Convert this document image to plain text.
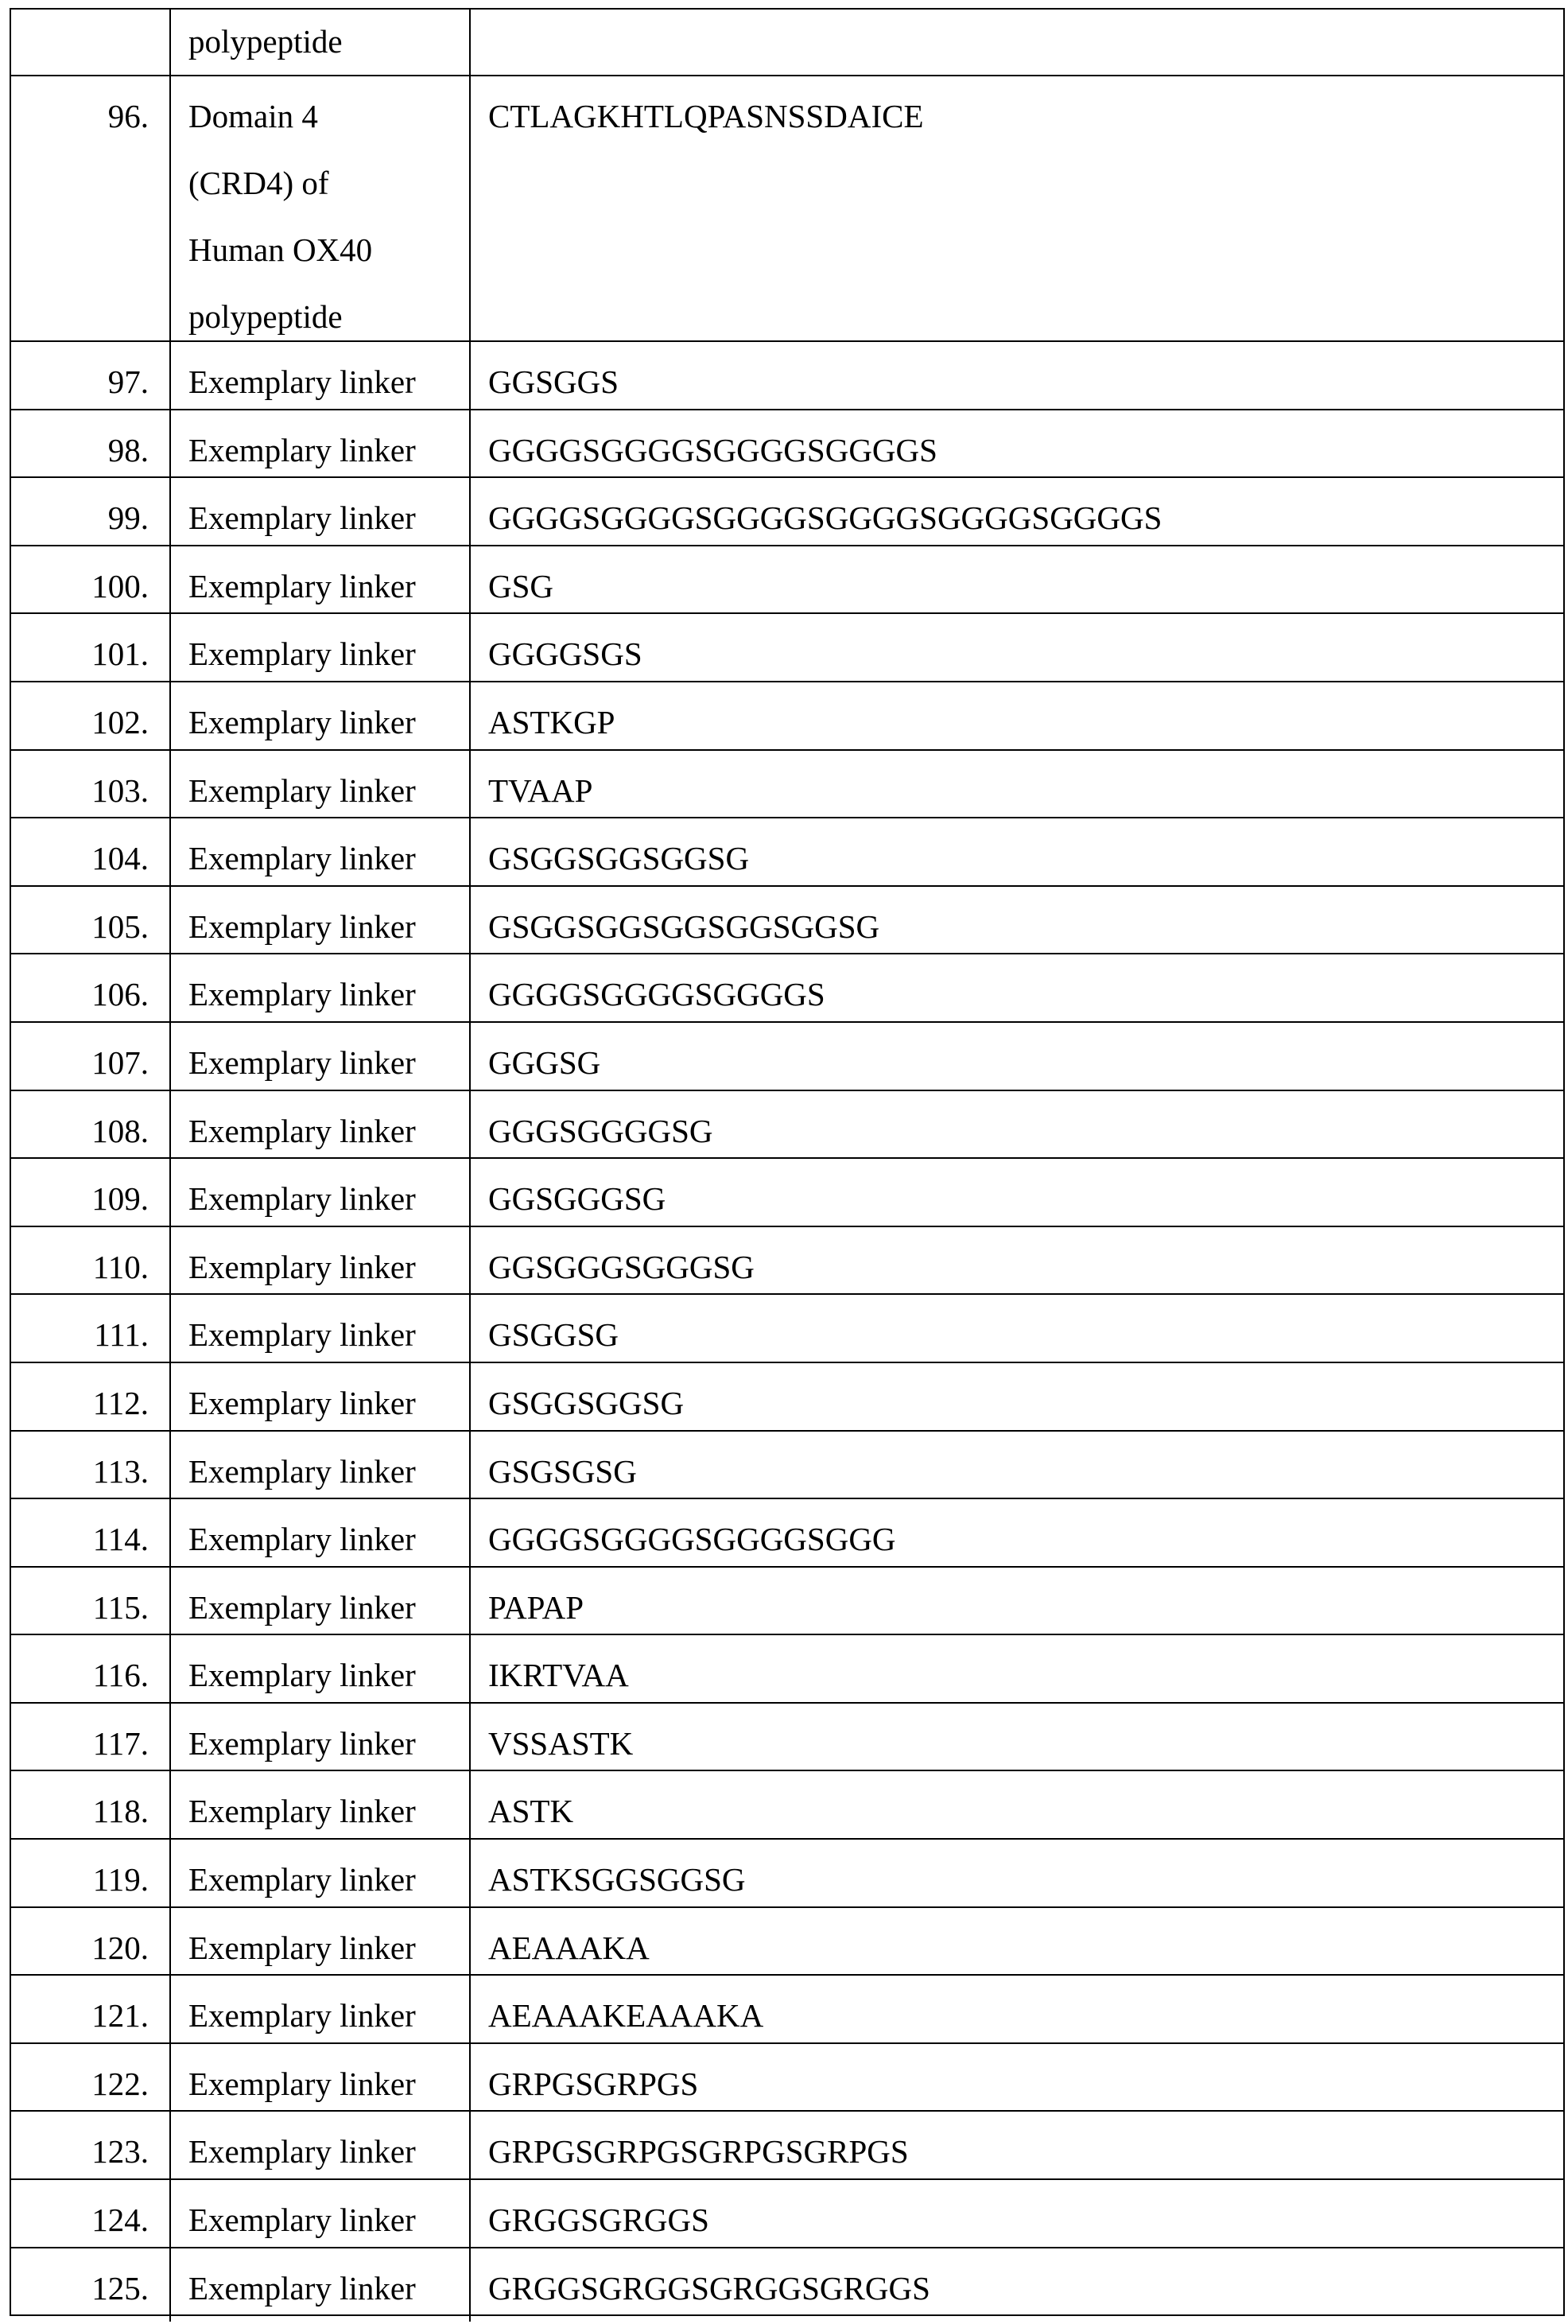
polypeptide
96.	Domain 4
(CRD4) of
Human OX40
polypeptide
CTLAGKHTLQPASNSSDAICE
97.	Exemplary linker	GGSGGS
98.	Exemplary linker	GGGGSGGGGSGGGGSGGGGS
99.	Exemplary linker	GGGGSGGGGSGGGGSGGGGSGGGGSGGGGS
100.	Exemplary linker	GSG
101.	Exemplary linker	GGGGSGS
102.	Exemplary linker	ASTKGP
103.	Exemplary linker	TVAAP
104.	Exemplary linker	GSGGSGGSGGSG
105.	Exemplary linker	GSGGSGGSGGSGGSGGSG
106.	Exemplary linker	GGGGSGGGGSGGGGS
107.	Exemplary linker	GGGSG
108.	Exemplary linker	GGGSGGGGSG
109.	Exemplary linker	GGSGGGSG
110.	Exemplary linker	GGSGGGSGGGSG
111.	Exemplary linker	GSGGSG
112.	Exemplary linker	GSGGSGGSG
113.	Exemplary linker	GSGSGSG
114.	Exemplary linker	GGGGSGGGGSGGGGSGGG
115.	Exemplary linker	PAPAP
116.	Exemplary linker	IKRTVAA
117.	Exemplary linker	VSSASTK
118.	Exemplary linker	ASTK
119.	Exemplary linker	ASTKSGGSGGSG
120.	Exemplary linker	AEAAAKA
121.	Exemplary linker	AEAAAKEAAAKA
122.	Exemplary linker	GRPGSGRPGS
123.	Exemplary linker	GRPGSGRPGSGRPGSGRPGS
124.	Exemplary linker	GRGGSGRGGS
125.	Exemplary linker	GRGGSGRGGSGRGGSGRGGS
